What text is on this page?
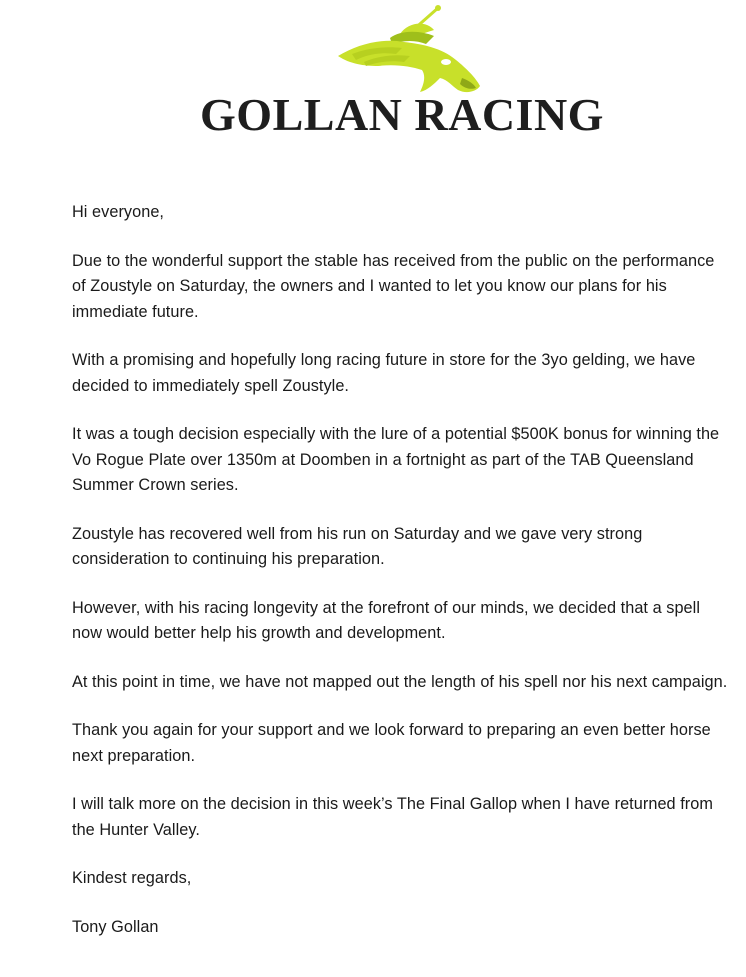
GOLLAN RACING

Hi everyone,

Due to the wonderful support the stable has received from the public on the performance of Zoustyle on Saturday, the owners and I wanted to let you know our plans for his immediate future.

With a promising and hopefully long racing future in store for the 3yo gelding, we have decided to immediately spell Zoustyle.

It was a tough decision especially with the lure of a potential $500K bonus for winning the Vo Rogue Plate over 1350m at Doomben in a fortnight as part of the TAB Queensland Summer Crown series.

Zoustyle has recovered well from his run on Saturday and we gave very strong consideration to continuing his preparation.

However, with his racing longevity at the forefront of our minds, we decided that a spell now would better help his growth and development.

At this point in time, we have not mapped out the length of his spell nor his next campaign.

Thank you again for your support and we look forward to preparing an even better horse next preparation.

I will talk more on the decision in this week’s The Final Gallop when I have returned from the Hunter Valley.

Kindest regards,

Tony Gollan
